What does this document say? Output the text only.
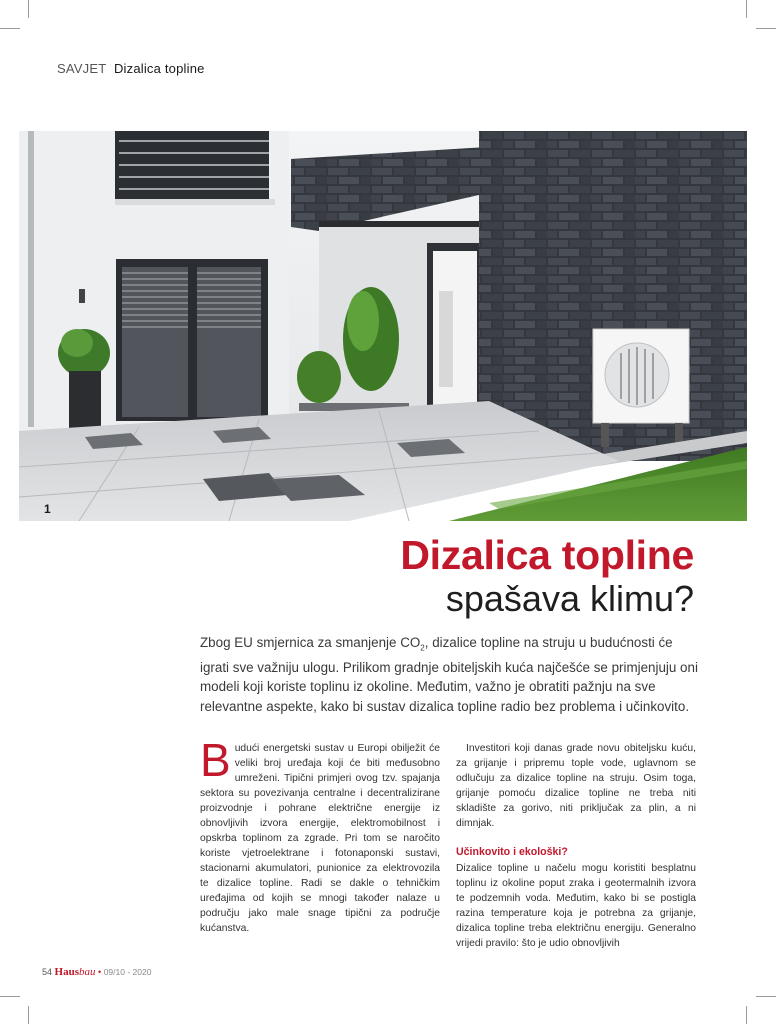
SAVJET Dizalica topline
1
Dizalica topline
spašava klimu?
Zbog EU smjernica za smanjenje $CO_2$, dizalice topline na struju u budućnosti će igrati sve važniju ulogu. Prilikom gradnje obiteljskih kuća najčešće se primjenjuju oni modeli koji koriste toplinu iz okoline. Međutim, važno je obratiti pažnju na sve relevantne aspekte, kako bi sustav dizalica topline radio bez problema i učinkovito.

Budući energetski sustav u Europi obilježit će veliki broj uređaja koji će biti međusobno umreženi. Tipični primjeri ovog tzv. spajanja sektora su povezivanja centralne i decentralizirane proizvodnje i pohrane električne energije iz obnovljivih izvora energije, elektromobilnost i opskrba toplinom za zgrade. Pri tom se naročito koriste vjetroelektrane i fotonaponski sustavi, stacionarni akumulatori, punionice za elektrovozila te dizalice topline. Radi se dakle o tehničkim uređajima od kojih se mnogi također nalaze u području jako male snage tipični za područje kućanstva.

Investitori koji danas grade novu obiteljsku kuću, za grijanje i pripremu tople vode, uglavnom se odlučuju za dizalice topline na struju. Osim toga, grijanje pomoću dizalice topline ne treba niti skladište za gorivo, niti priključak za plin, a ni dimnjak.

Učinkovito i ekološki?

Dizalice topline u načelu mogu koristiti besplatnu toplinu iz okoline poput zraka i geotermalnih izvora te podzemnih voda. Međutim, kako bi se postigla razina temperature koja je potrebna za grijanje, dizalica topline treba električnu energiju. Generalno vrijedi pravilo: što je udio obnovljivih

54 Hausbau • 09/10 - 2020
